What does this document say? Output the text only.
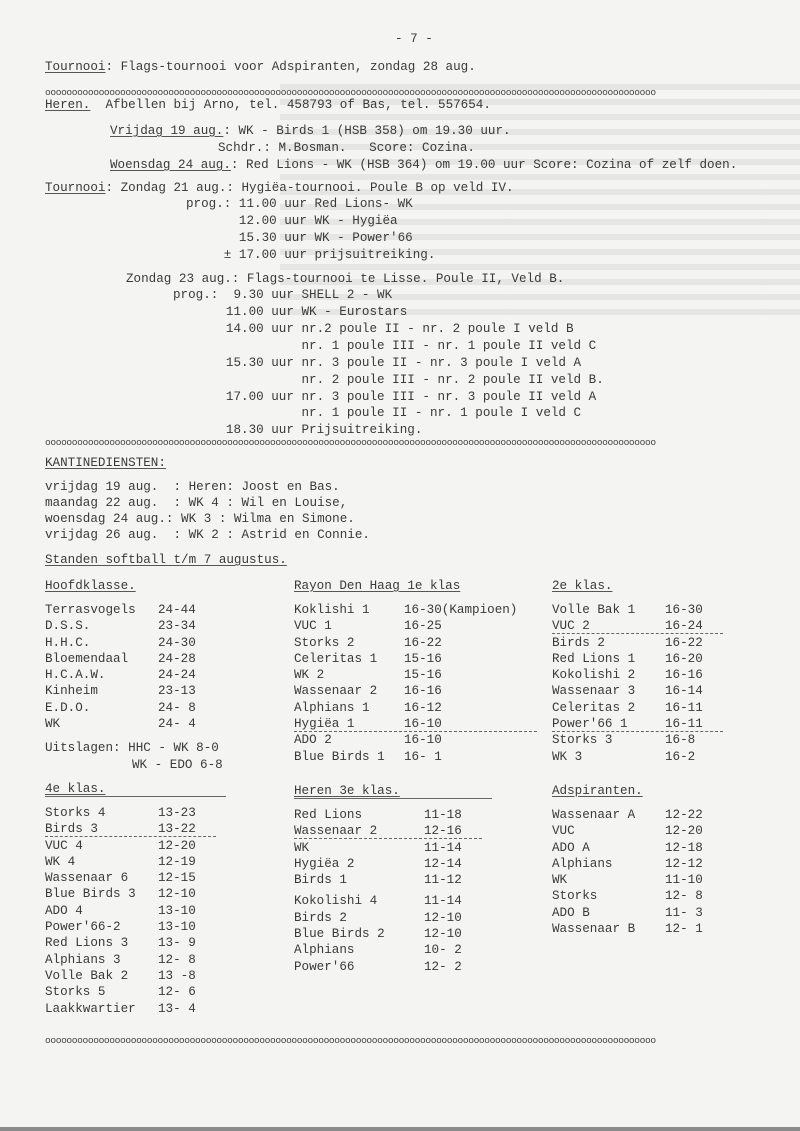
- 7 -
Tournooi: Flags-tournooi voor Adspiranten, zondag 28 aug.
oooooooooooooooooooooooooooooooooooooooooooooooooooooooooooooooooooooooooooooooooooooooooooooooooooooooooooooooooo
Heren. Afbellen bij Arno, tel. 458793 of Bas, tel. 557654.
Vrijdag 19 aug.: WK - Birds 1 (HSB 358) om 19.30 uur.
Schdr.: M.Bosman.   Score: Cozina.
Woensdag 24 aug.: Red Lions - WK (HSB 364) om 19.00 uur Score: Cozina of zelf doen.
Tournooi: Zondag 21 aug.: Hygiëa-tournooi. Poule B op veld IV.
prog.: 11.00 uur Red Lions- WK
12.00 uur WK - Hygiëa
15.30 uur WK - Power'66
± 17.00 uur prijsuitreiking.
Zondag 23 aug.: Flags-tournooi te Lisse. Poule II, Veld B.
prog.:  9.30 uur SHELL 2 - WK
11.00 uur WK - Eurostars
14.00 uur nr.2 poule II - nr. 2 poule I veld B
nr. 1 poule III - nr. 1 poule II veld C
15.30 uur nr. 3 poule II - nr. 3 poule I veld A
nr. 2 poule III - nr. 2 poule II veld B.
17.00 uur nr. 3 poule III - nr. 3 poule II veld A
nr. 1 poule II - nr. 1 poule I veld C
18.30 uur Prijsuitreiking.
oooooooooooooooooooooooooooooooooooooooooooooooooooooooooooooooooooooooooooooooooooooooooooooooooooooooooooooooooo
KANTINEDIENSTEN:
vrijdag 19 aug.  : Heren: Joost en Bas.
maandag 22 aug.  : WK 4 : Wil en Louise,
woensdag 24 aug.: WK 3 : Wilma en Simone.
vrijdag 26 aug.  : WK 2 : Astrid en Connie.
Standen softball t/m 7 augustus.
Hoofdklasse.
Terrasvogels	24-44
D.S.S.	23-34
H.H.C.	24-30
Bloemendaal	24-28
H.C.A.W.	24-24
Kinheim	23-13
E.D.O.	24- 8
WK	24- 4
Uitslagen:
HHC - WK 8-0
WK - EDO 6-8
4e klas.
Storks 4	13-23
Birds 3	13-22
VUC 4	12-20
WK 4	12-19
Wassenaar 6	12-15
Blue Birds 3	12-10
ADO 4	13-10
Power'66-2	13-10
Red Lions 3	13- 9
Alphians 3	12- 8
Volle Bak 2	13 -8
Storks 5	12- 6
Laakkwartier	13- 4
Rayon Den Haag 1e klas
Koklishi 1	16-30(Kampioen)
VUC 1	16-25
Storks 2	16-22
Celeritas 1	15-16
WK 2	15-16
Wassenaar 2	16-16
Alphians 1	16-12
Hygiëa 1	16-10
ADO 2	16-10
Blue Birds 1	16- 1
Heren 3e klas.
Red Lions	11-18
Wassenaar 2	12-16
WK	11-14
Hygiëa 2	12-14
Birds 1	11-12
Kokolishi 4	11-14
Birds 2	12-10
Blue Birds 2	12-10
Alphians	10- 2
Power'66	12- 2
2e klas.
Volle Bak 1	16-30
VUC 2	16-24
Birds 2	16-22
Red Lions 1	16-20
Kokolishi 2	16-16
Wassenaar 3	16-14
Celeritas 2	16-11
Power'66 1	16-11
Storks 3	16-8
WK 3	16-2
Adspiranten.
Wassenaar A	12-22
VUC	12-20
ADO A	12-18
Alphians	12-12
WK	11-10
Storks	12- 8
ADO B	11- 3
Wassenaar B	12- 1
oooooooooooooooooooooooooooooooooooooooooooooooooooooooooooooooooooooooooooooooooooooooooooooooooooooooooooooooooo
